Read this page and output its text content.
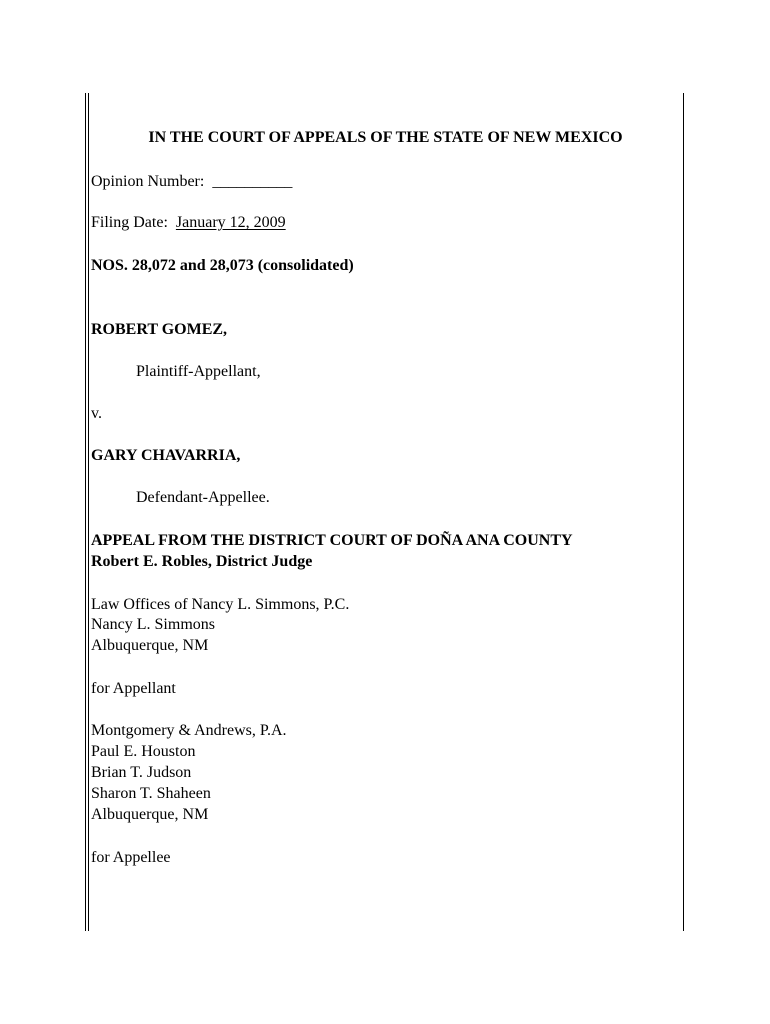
IN THE COURT OF APPEALS OF THE STATE OF NEW MEXICO
Opinion Number: __________
Filing Date: January 12, 2009
NOS. 28,072 and 28,073 (consolidated)
ROBERT GOMEZ,
Plaintiff-Appellant,
v.
GARY CHAVARRIA,
Defendant-Appellee.
APPEAL FROM THE DISTRICT COURT OF DOÑA ANA COUNTY
Robert E. Robles, District Judge
Law Offices of Nancy L. Simmons, P.C.
Nancy L. Simmons
Albuquerque, NM
for Appellant
Montgomery & Andrews, P.A.
Paul E. Houston
Brian T. Judson
Sharon T. Shaheen
Albuquerque, NM
for Appellee
